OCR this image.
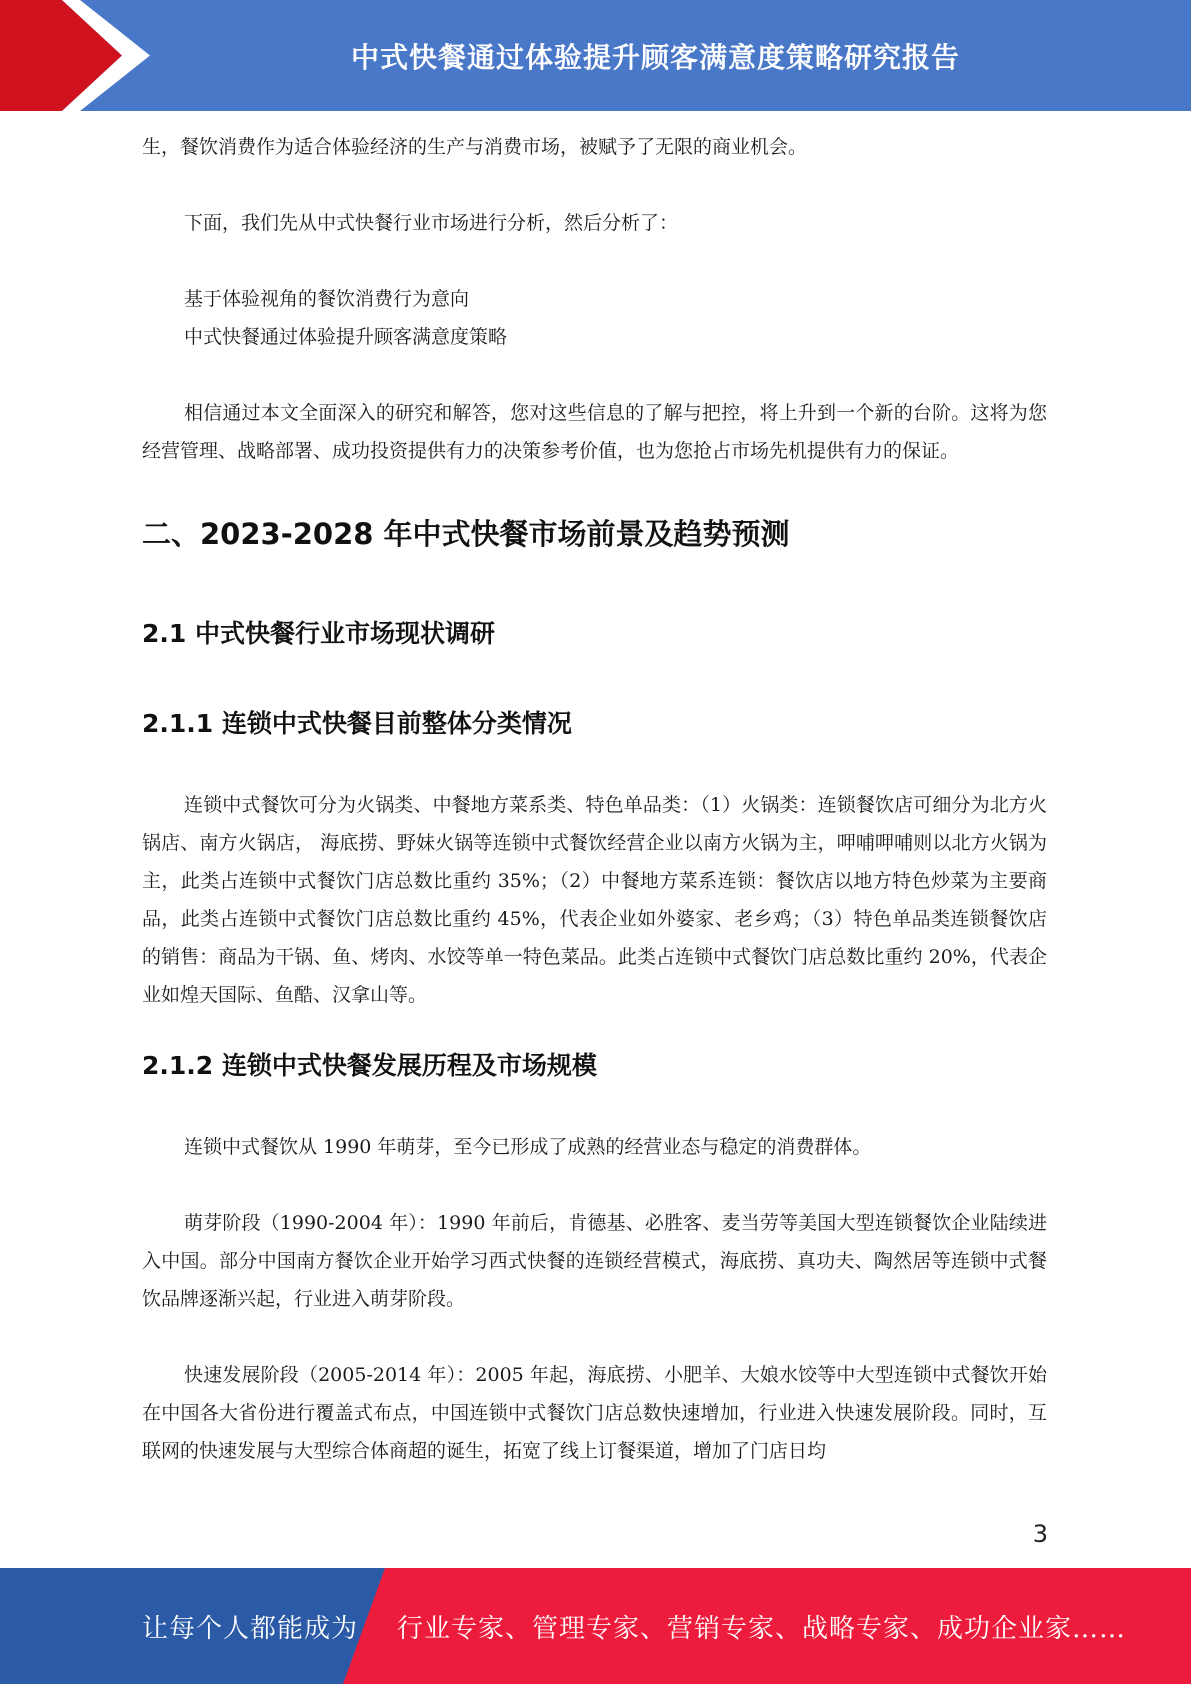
中式快餐通过体验提升顾客满意度策略研究报告

生，餐饮消费作为适合体验经济的生产与消费市场，被赋予了无限的商业机会。

下面，我们先从中式快餐行业市场进行分析，然后分析了：

基于体验视角的餐饮消费行为意向

中式快餐通过体验提升顾客满意度策略

相信通过本文全面深入的研究和解答，您对这些信息的了解与把控，将上升到一个新的台阶。这将为您经营管理、战略部署、成功投资提供有力的决策参考价值，也为您抢占市场先机提供有力的保证。

二、2023-2028 年中式快餐市场前景及趋势预测
2.1 中式快餐行业市场现状调研
2.1.1 连锁中式快餐目前整体分类情况

连锁中式餐饮可分为火锅类、中餐地方菜系类、特色单品类：（1）火锅类：连锁餐饮店可细分为北方火锅店、南方火锅店， 海底捞、野妹火锅等连锁中式餐饮经营企业以南方火锅为主，呷哺呷哺则以北方火锅为主，此类占连锁中式餐饮门店总数比重约 35%；（2）中餐地方菜系连锁：餐饮店以地方特色炒菜为主要商品，此类占连锁中式餐饮门店总数比重约 45%，代表企业如外婆家、老乡鸡；（3）特色单品类连锁餐饮店的销售：商品为干锅、鱼、烤肉、水饺等单一特色菜品。此类占连锁中式餐饮门店总数比重约 20%，代表企业如煌天国际、鱼酷、汉拿山等。

2.1.2 连锁中式快餐发展历程及市场规模

连锁中式餐饮从 1990 年萌芽，至今已形成了成熟的经营业态与稳定的消费群体。

萌芽阶段（1990-2004 年）：1990 年前后，肯德基、必胜客、麦当劳等美国大型连锁餐饮企业陆续进入中国。部分中国南方餐饮企业开始学习西式快餐的连锁经营模式，海底捞、真功夫、陶然居等连锁中式餐饮品牌逐渐兴起，行业进入萌芽阶段。

快速发展阶段（2005-2014 年）：2005 年起，海底捞、小肥羊、大娘水饺等中大型连锁中式餐饮开始在中国各大省份进行覆盖式布点，中国连锁中式餐饮门店总数快速增加，行业进入快速发展阶段。同时，互联网的快速发展与大型综合体商超的诞生，拓宽了线上订餐渠道，增加了门店日均

3
让每个人都能成为 行业专家、管理专家、营销专家、战略专家、成功企业家……
